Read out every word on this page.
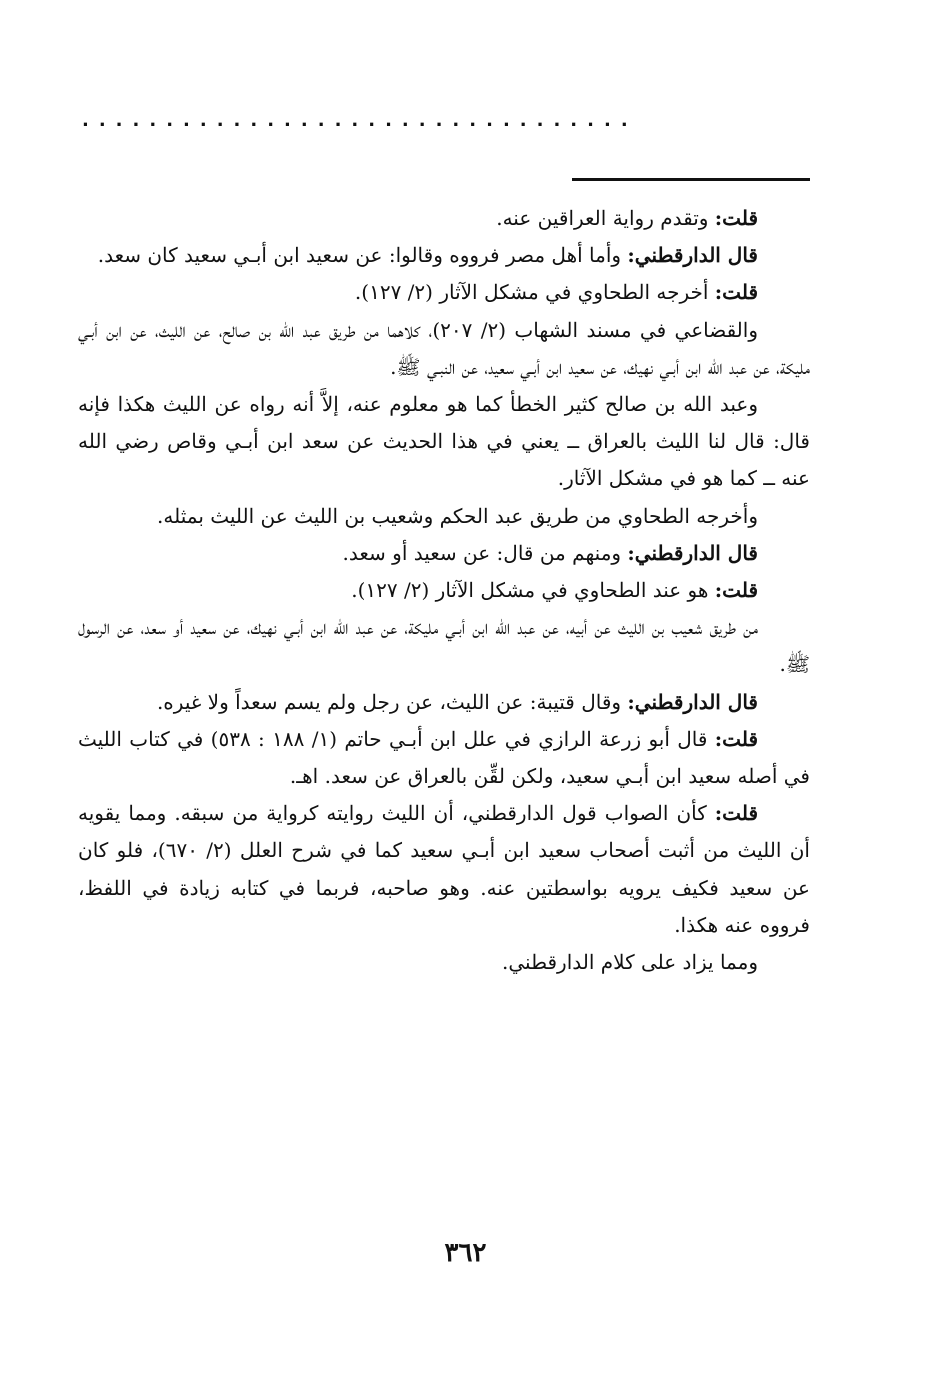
.................................

قلت: وتقدم رواية العراقين عنه.

قال الدارقطني: وأما أهل مصر فرووه وقالوا: عن سعيد ابن أبـي سعيد كان سعد.

قلت: أخرجه الطحاوي في مشكل الآثار (٢/ ١٢٧).

والقضاعي في مسند الشهاب (٢/ ٢٠٧)، كلاهما من طريق عبد الله بن صالح، عن الليث، عن ابن أبـي مليكة، عن عبد الله ابن أبـي نهيك، عن سعيد ابن أبـي سعيد، عن النبـي ﷺ.

وعبد الله بن صالح كثير الخطأ كما هو معلوم عنه، إلاَّ أنه رواه عن الليث هكذا فإنه قال: قال لنا الليث بالعراق ــ يعني في هذا الحديث عن سعد ابن أبـي وقاص رضي الله عنه ــ كما هو في مشكل الآثار.

وأخرجه الطحاوي من طريق عبد الحكم وشعيب بن الليث عن الليث بمثله.

قال الدارقطني: ومنهم من قال: عن سعيد أو سعد.

قلت: هو عند الطحاوي في مشكل الآثار (٢/ ١٢٧).

من طريق شعيب بن الليث عن أبيه، عن عبد الله ابن أبـي مليكة، عن عبد الله ابن أبـي نهيك، عن سعيد أو سعد، عن الرسول ﷺ.

قال الدارقطني: وقال قتيبة: عن الليث، عن رجل ولم يسم سعداً ولا غيره.

قلت: قال أبو زرعة الرازي في علل ابن أبـي حاتم (١/ ١٨٨ : ٥٣٨) في كتاب الليث في أصله سعيد ابن أبـي سعيد، ولكن لقِّن بالعراق عن سعد. اهـ.

قلت: كأن الصواب قول الدارقطني، أن الليث روايته كرواية من سبقه. ومما يقويه أن الليث من أثبت أصحاب سعيد ابن أبـي سعيد كما في شرح العلل (٢/ ٦٧٠)، فلو كان عن سعيد فكيف يرويه بواسطتين عنه. وهو صاحبه، فربما في كتابه زيادة في اللفظ، فرووه عنه هكذا.

ومما يزاد على كلام الدارقطني.

٣٦٢
